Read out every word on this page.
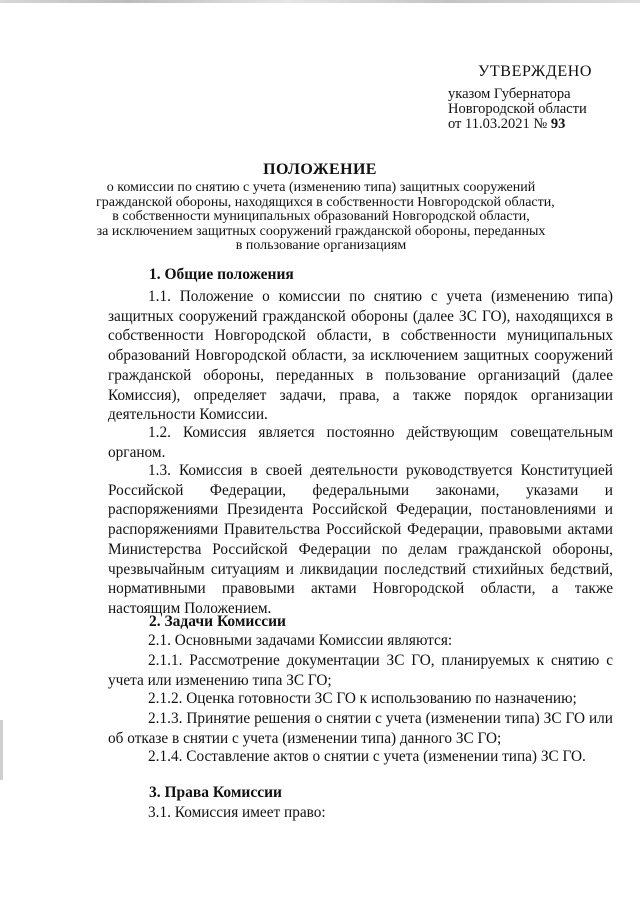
УТВЕРЖДЕНО
указом Губернатора
Новгородской области
от 11.03.2021 № 93
ПОЛОЖЕНИЕ
о комиссии по снятию с учета (изменению типа) защитных сооружений
гражданской обороны, находящихся в собственности Новгородской области,
в собственности муниципальных образований Новгородской области,
за исключением защитных сооружений гражданской обороны, переданных
в пользование организациям
1. Общие положения
1.1. Положение о комиссии по снятию с учета (изменению типа) защитных сооружений гражданской обороны (далее ЗС ГО), находящихся в собственности Новгородской области, в собственности муниципальных образований Новгородской области, за исключением защитных сооружений гражданской обороны, переданных в пользование организаций (далее Комиссия), определяет задачи, права, а также порядок организации деятельности Комиссии.
1.2. Комиссия является постоянно действующим совещательным органом.
1.3. Комиссия в своей деятельности руководствуется Конституцией Российской Федерации, федеральными законами, указами и распоряжениями Президента Российской Федерации, постановлениями и распоряжениями Правительства Российской Федерации, правовыми актами Министерства Российской Федерации по делам гражданской обороны, чрезвычайным ситуациям и ликвидации последствий стихийных бедствий, нормативными правовыми актами Новгородской области, а также настоящим Положением.
2. Задачи Комиссии
2.1. Основными задачами Комиссии являются:
2.1.1. Рассмотрение документации ЗС ГО, планируемых к снятию с учета или изменению типа ЗС ГО;
2.1.2. Оценка готовности ЗС ГО к использованию по назначению;
2.1.3. Принятие решения о снятии с учета (изменении типа) ЗС ГО или об отказе в снятии с учета (изменении типа) данного ЗС ГО;
2.1.4. Составление актов о снятии с учета (изменении типа) ЗС ГО.
3. Права Комиссии
3.1. Комиссия имеет право:
